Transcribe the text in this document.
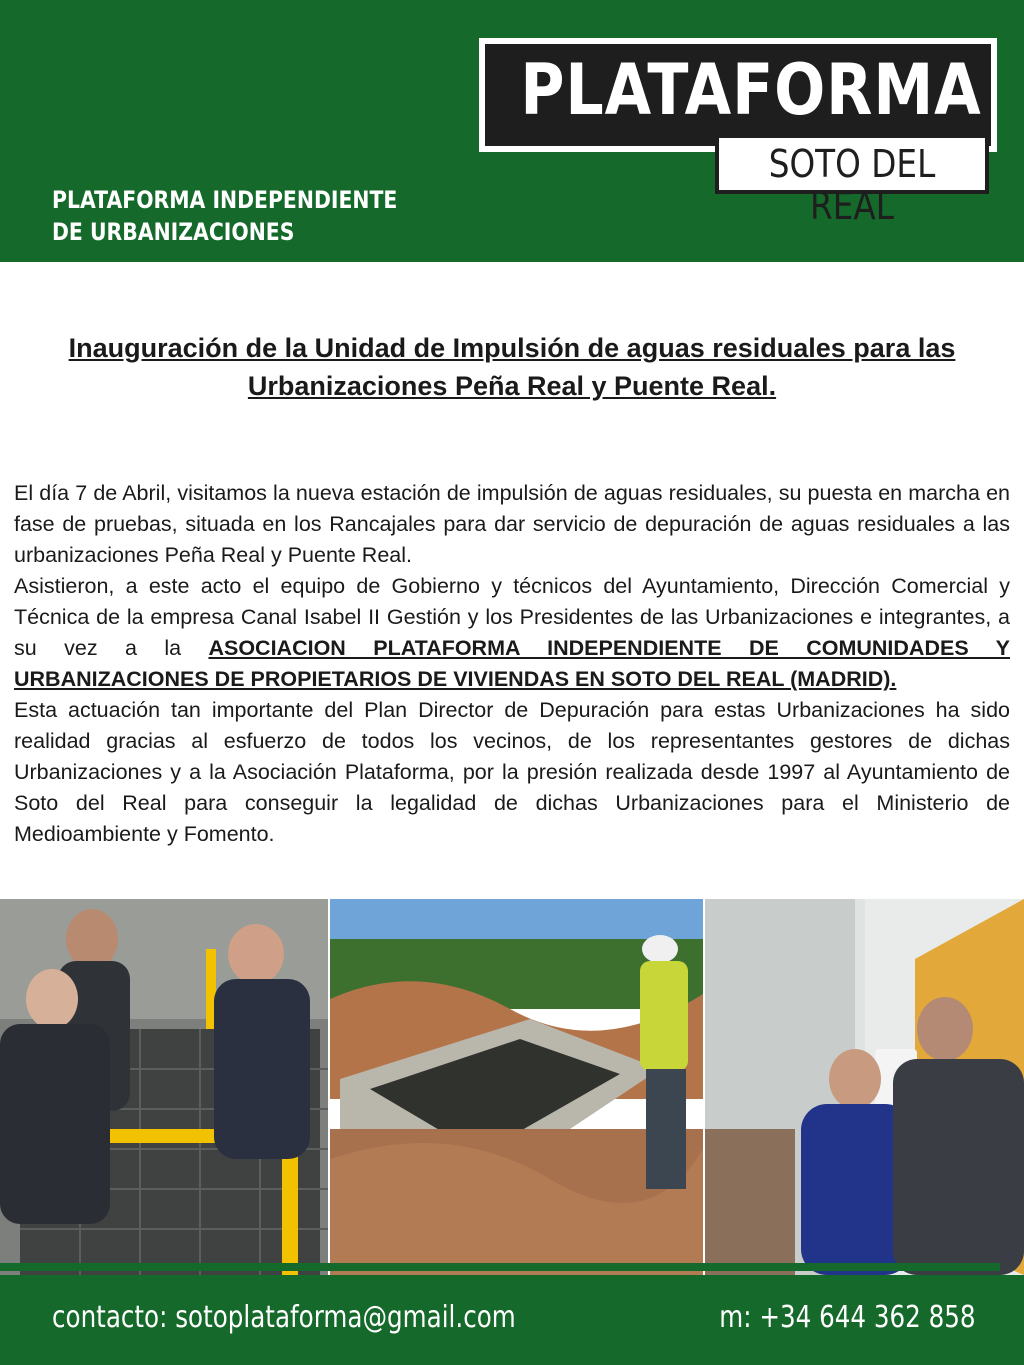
PLATAFORMA
SOTO DEL REAL
PLATAFORMA INDEPENDIENTE
DE URBANIZACIONES
Inauguración de la Unidad de Impulsión de aguas residuales para las
Urbanizaciones Peña Real y Puente Real.

El día 7 de Abril, visitamos la nueva estación de impulsión de aguas residuales, su puesta en marcha en fase de pruebas, situada en los Rancajales para dar servicio de depuración de aguas residuales a las urbanizaciones Peña Real y Puente Real.

Asistieron, a este acto el equipo de Gobierno y técnicos del Ayuntamiento, Dirección Comercial y Técnica de la empresa Canal Isabel II Gestión y los Presidentes de las Urbanizaciones e integrantes, a su vez a la ASOCIACION PLATAFORMA INDEPENDIENTE DE COMUNIDADES Y URBANIZACIONES DE PROPIETARIOS DE VIVIENDAS EN SOTO DEL REAL (MADRID).

Esta actuación tan importante del Plan Director de Depuración para estas Urbanizaciones ha sido realidad gracias al esfuerzo de todos los vecinos, de los representantes gestores de dichas Urbanizaciones y a la Asociación Plataforma, por la presión realizada desde 1997 al Ayuntamiento de Soto del Real para conseguir la legalidad de dichas Urbanizaciones para el Ministerio de Medioambiente y Fomento.

contacto: sotoplataforma@gmail.com	m: +34 644 362 858
